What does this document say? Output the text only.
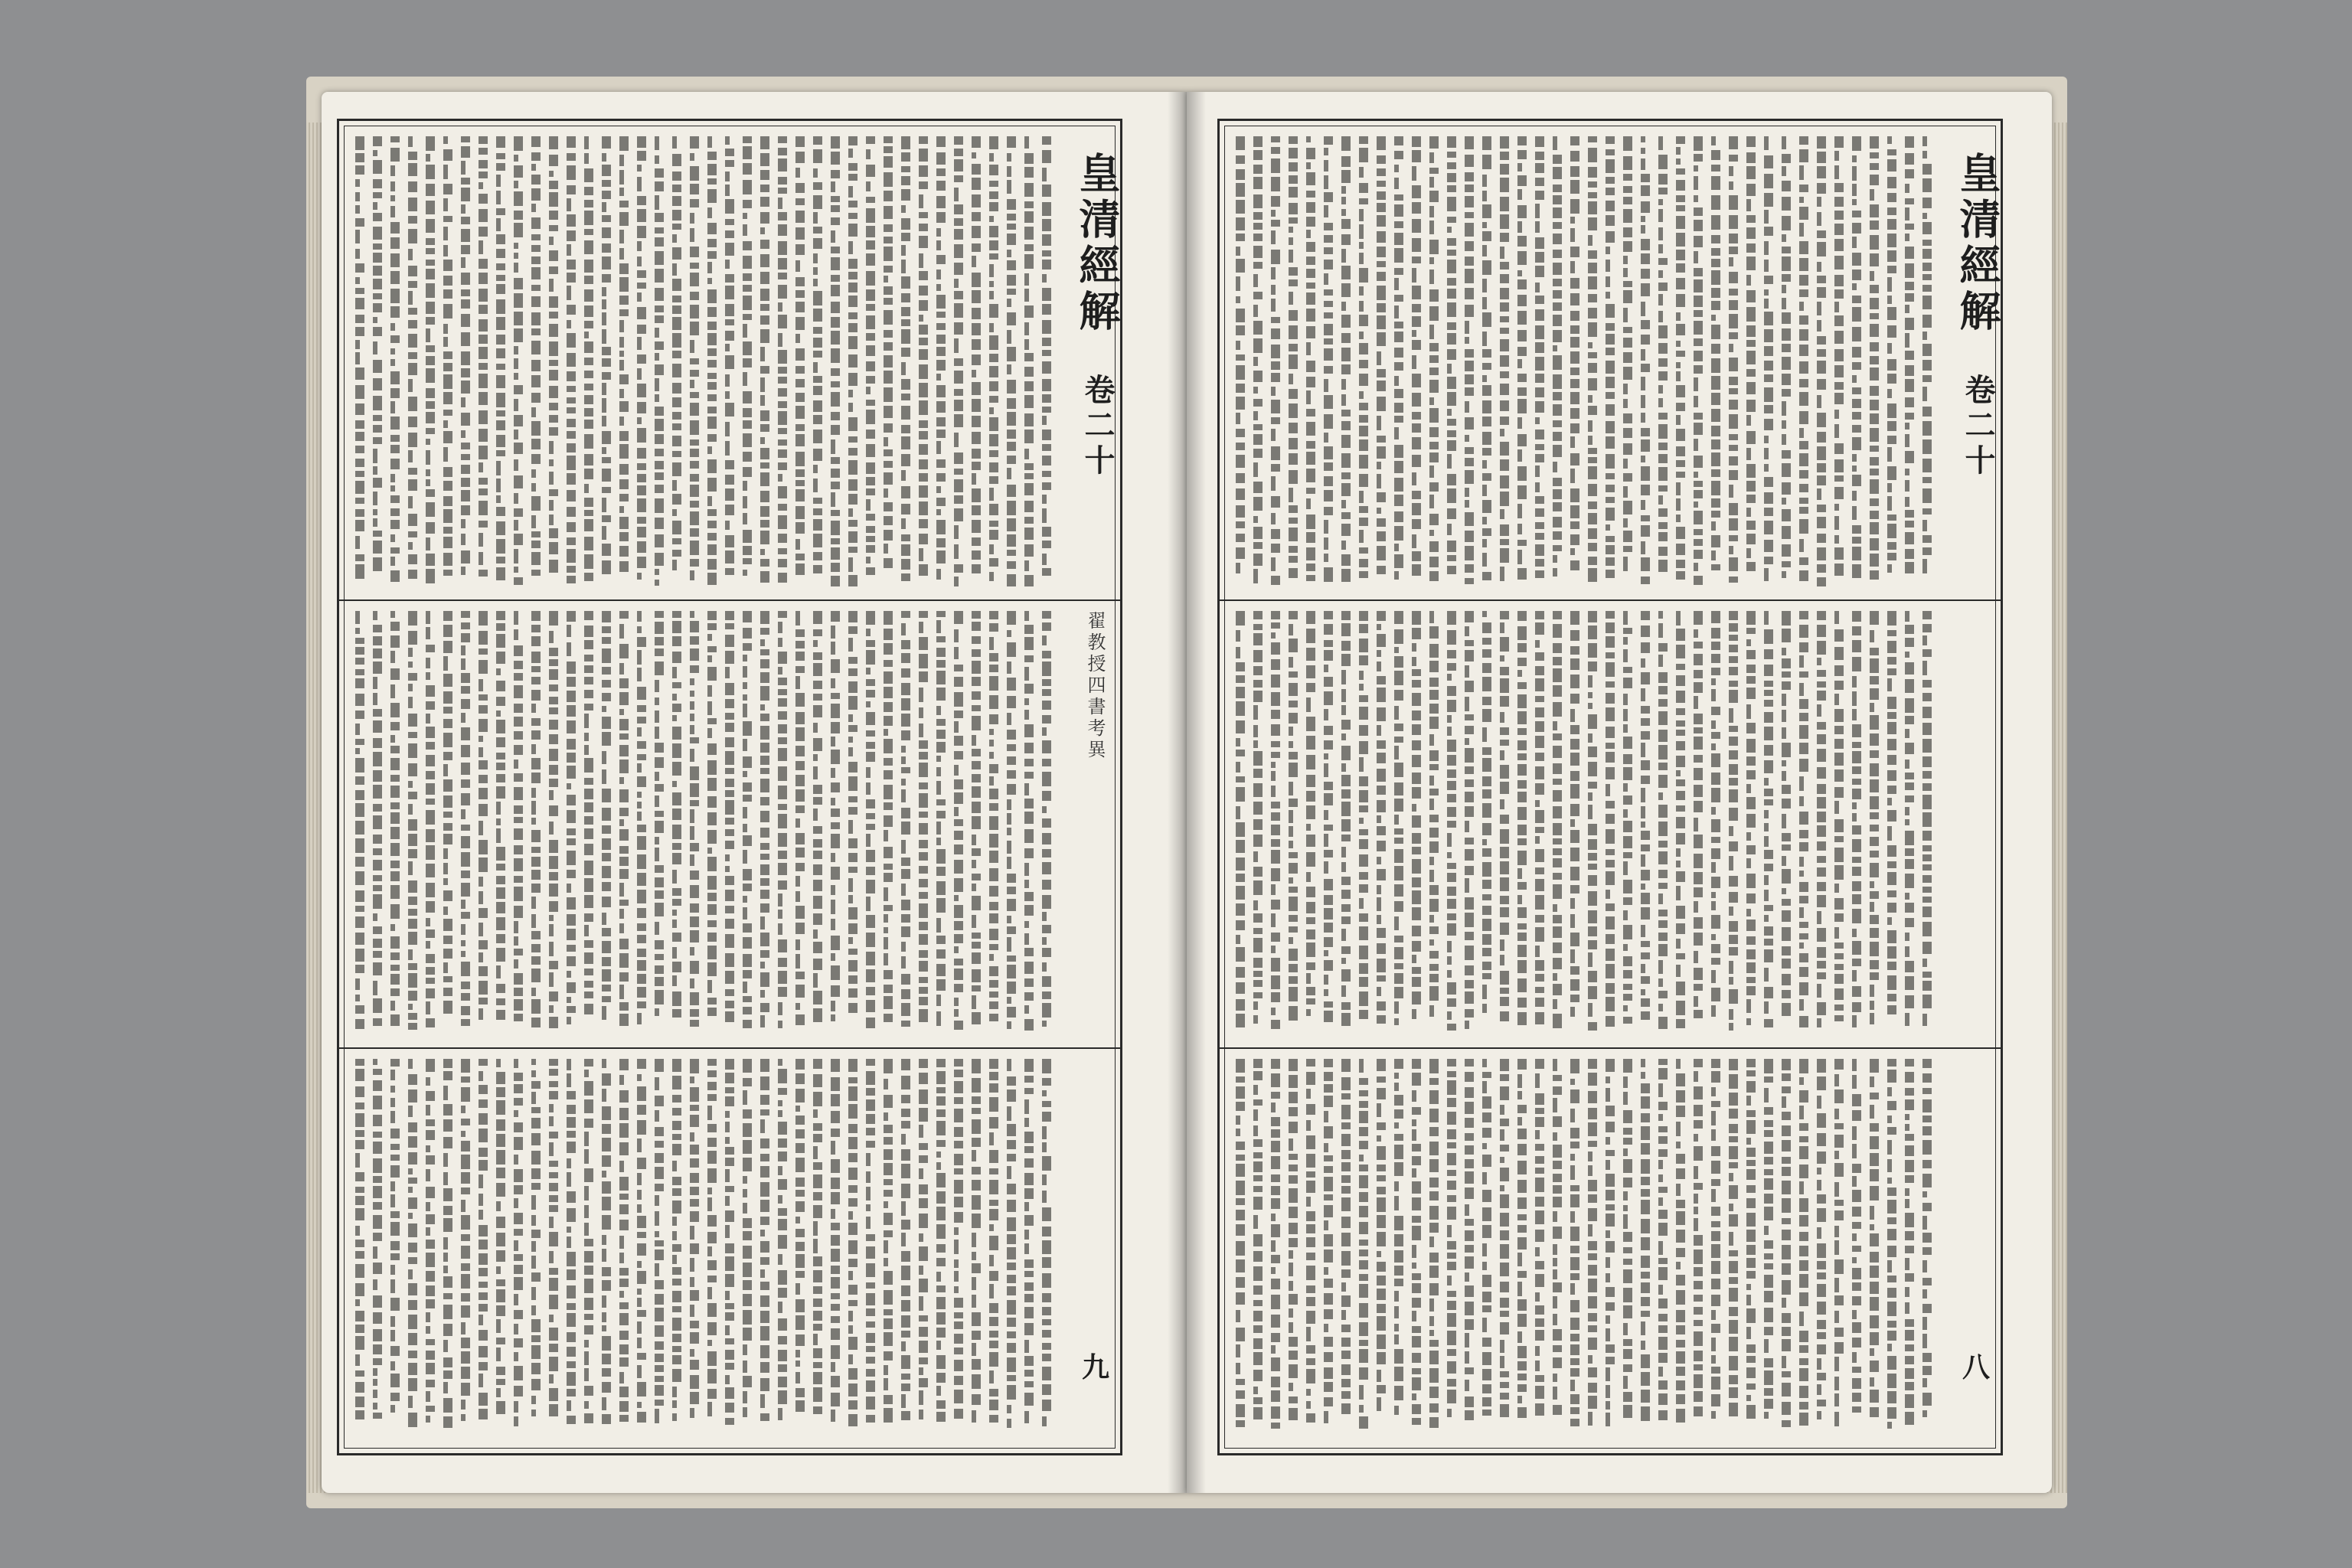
皇清經解
卷二十
翟教授四書考異
九
皇清經解
卷二十
八
